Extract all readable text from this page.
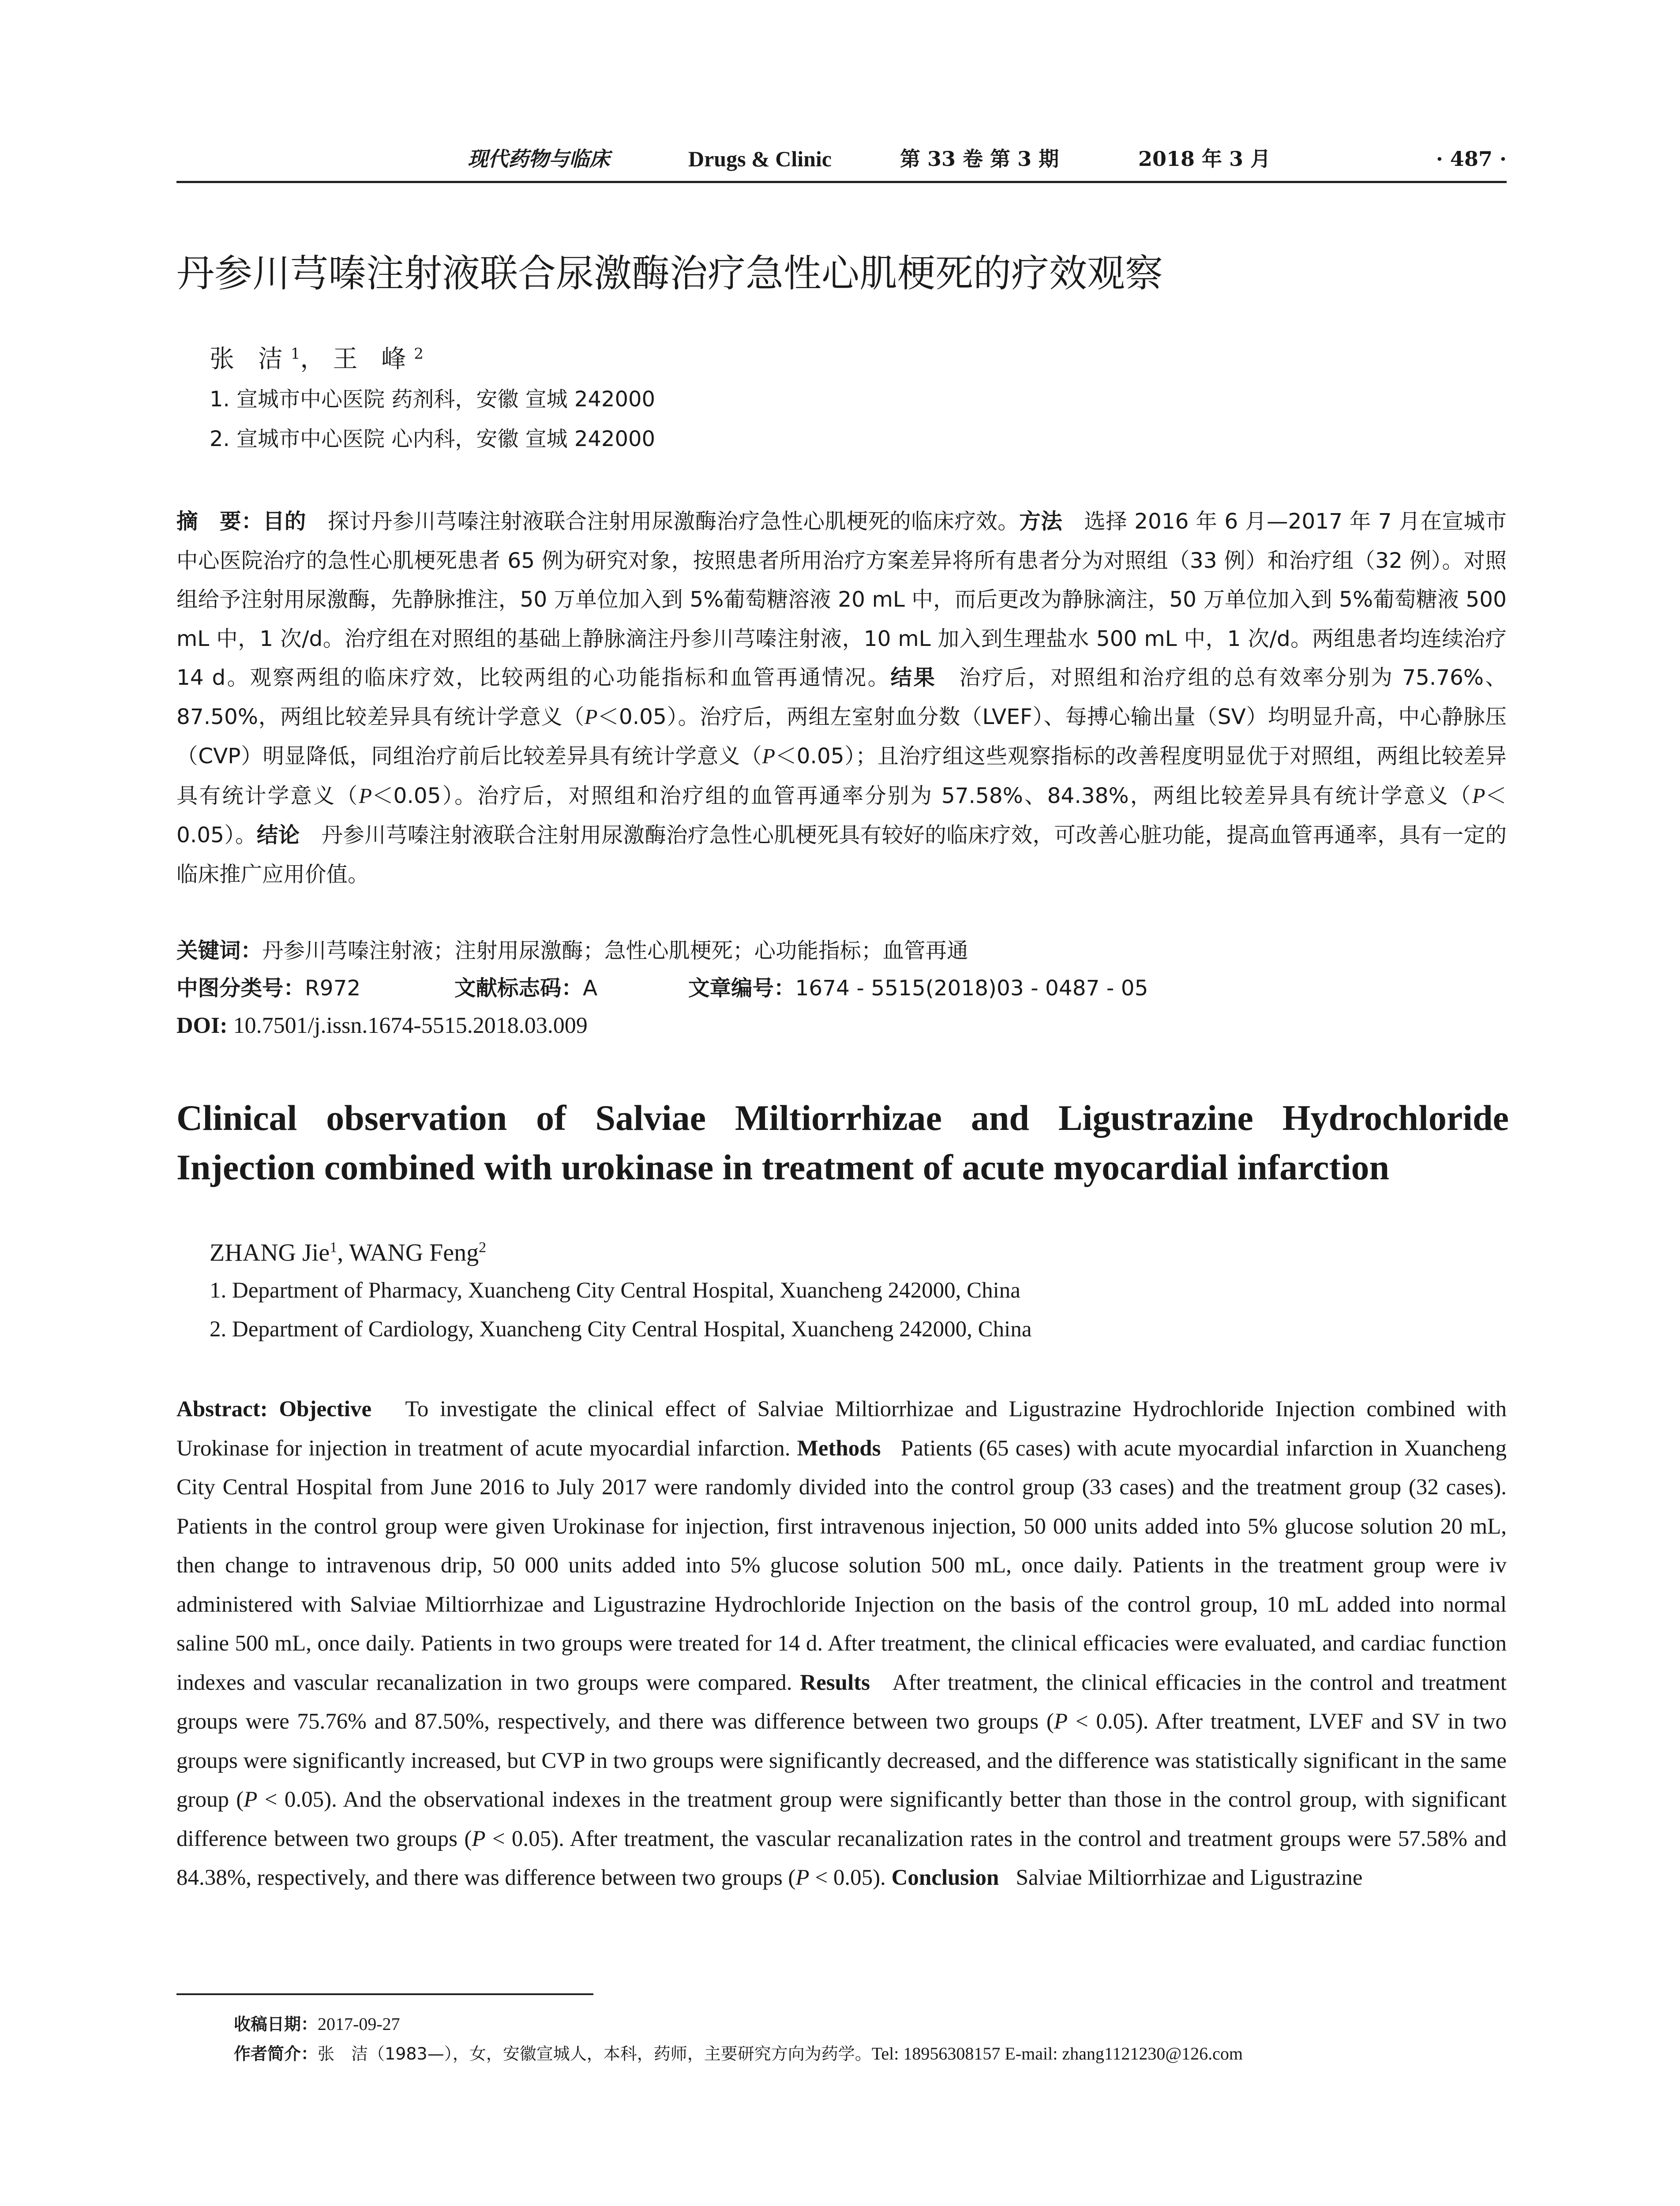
现代药物与临床	Drugs & Clinic	第 33 卷 第 3 期	2018 年 3 月	· 487 ·
丹参川芎嗪注射液联合尿激酶治疗急性心肌梗死的疗效观察
张 洁$^1$，王 峰$^2$
1. 宣城市中心医院 药剂科，安徽 宣城 242000
2. 宣城市中心医院 心内科，安徽 宣城 242000
摘　要：目的　 探讨丹参川芎嗪注射液联合注射用尿激酶治疗急性心肌梗死的临床疗效。方法　 选择 2016 年 6 月—2017 年 7 月在宣城市中心医院治疗的急性心肌梗死患者 65 例为研究对象，按照患者所用治疗方案差异将所有患者分为对照组（33 例）和治疗组（32 例）。对照组给予注射用尿激酶，先静脉推注，50 万单位加入到 5%葡萄糖溶液 20 mL 中，而后更改为静脉滴注，50 万单位加入到 5%葡萄糖液 500 mL 中，1 次/d。治疗组在对照组的基础上静脉滴注丹参川芎嗪注射液，10 mL 加入到生理盐水 500 mL 中，1 次/d。两组患者均连续治疗 14 d。观察两组的临床疗效，比较两组的心功能指标和血管再通情况。结果　 治疗后，对照组和治疗组的总有效率分别为 75.76%、87.50%，两组比较差异具有统计学意义（P＜0.05）。治疗后，两组左室射血分数（LVEF）、每搏心输出量（SV）均明显升高，中心静脉压（CVP）明显降低，同组治疗前后比较差异具有统计学意义（P＜0.05）；且治疗组这些观察指标的改善程度明显优于对照组，两组比较差异具有统计学意义（P＜0.05）。治疗后，对照组和治疗组的血管再通率分别为 57.58%、84.38%，两组比较差异具有统计学意义（P＜0.05）。结论　 丹参川芎嗪注射液联合注射用尿激酶治疗急性心肌梗死具有较好的临床疗效，可改善心脏功能，提高血管再通率，具有一定的临床推广应用价值。
关键词：丹参川芎嗪注射液；注射用尿激酶；急性心肌梗死；心功能指标；血管再通
中图分类号：R972	文献标志码：A	文章编号：1674 - 5515(2018)03 - 0487 - 05
DOI: 10.7501/j.issn.1674-5515.2018.03.009
Clinical observation of Salviae Miltiorrhizae and Ligustrazine Hydrochloride Injection combined with urokinase in treatment of acute myocardial infarction
ZHANG Jie$^1$, WANG Feng$^2$
1. Department of Pharmacy, Xuancheng City Central Hospital, Xuancheng 242000, China
2. Department of Cardiology, Xuancheng City Central Hospital, Xuancheng 242000, China
Abstract: Objective To investigate the clinical effect of Salviae Miltiorrhizae and Ligustrazine Hydrochloride Injection combined with Urokinase for injection in treatment of acute myocardial infarction. Methods Patients (65 cases) with acute myocardial infarction in Xuancheng City Central Hospital from June 2016 to July 2017 were randomly divided into the control group (33 cases) and the treatment group (32 cases). Patients in the control group were given Urokinase for injection, first intravenous injection, 50 000 units added into 5% glucose solution 20 mL, then change to intravenous drip, 50 000 units added into 5% glucose solution 500 mL, once daily. Patients in the treatment group were iv administered with Salviae Miltiorrhizae and Ligustrazine Hydrochloride Injection on the basis of the control group, 10 mL added into normal saline 500 mL, once daily. Patients in two groups were treated for 14 d. After treatment, the clinical efficacies were evaluated, and cardiac function indexes and vascular recanalization in two groups were compared. Results After treatment, the clinical efficacies in the control and treatment groups were 75.76% and 87.50%, respectively, and there was difference between two groups (P < 0.05). After treatment, LVEF and SV in two groups were significantly increased, but CVP in two groups were significantly decreased, and the difference was statistically significant in the same group (P < 0.05). And the observational indexes in the treatment group were significantly better than those in the control group, with significant difference between two groups (P < 0.05). After treatment, the vascular recanalization rates in the control and treatment groups were 57.58% and 84.38%, respectively, and there was difference between two groups (P < 0.05). Conclusion Salviae Miltiorrhizae and Ligustrazine
收稿日期：2017-09-27
作者简介：张　洁（1983—），女，安徽宣城人，本科，药师，主要研究方向为药学。Tel: 18956308157 E-mail: zhang1121230@126.com
